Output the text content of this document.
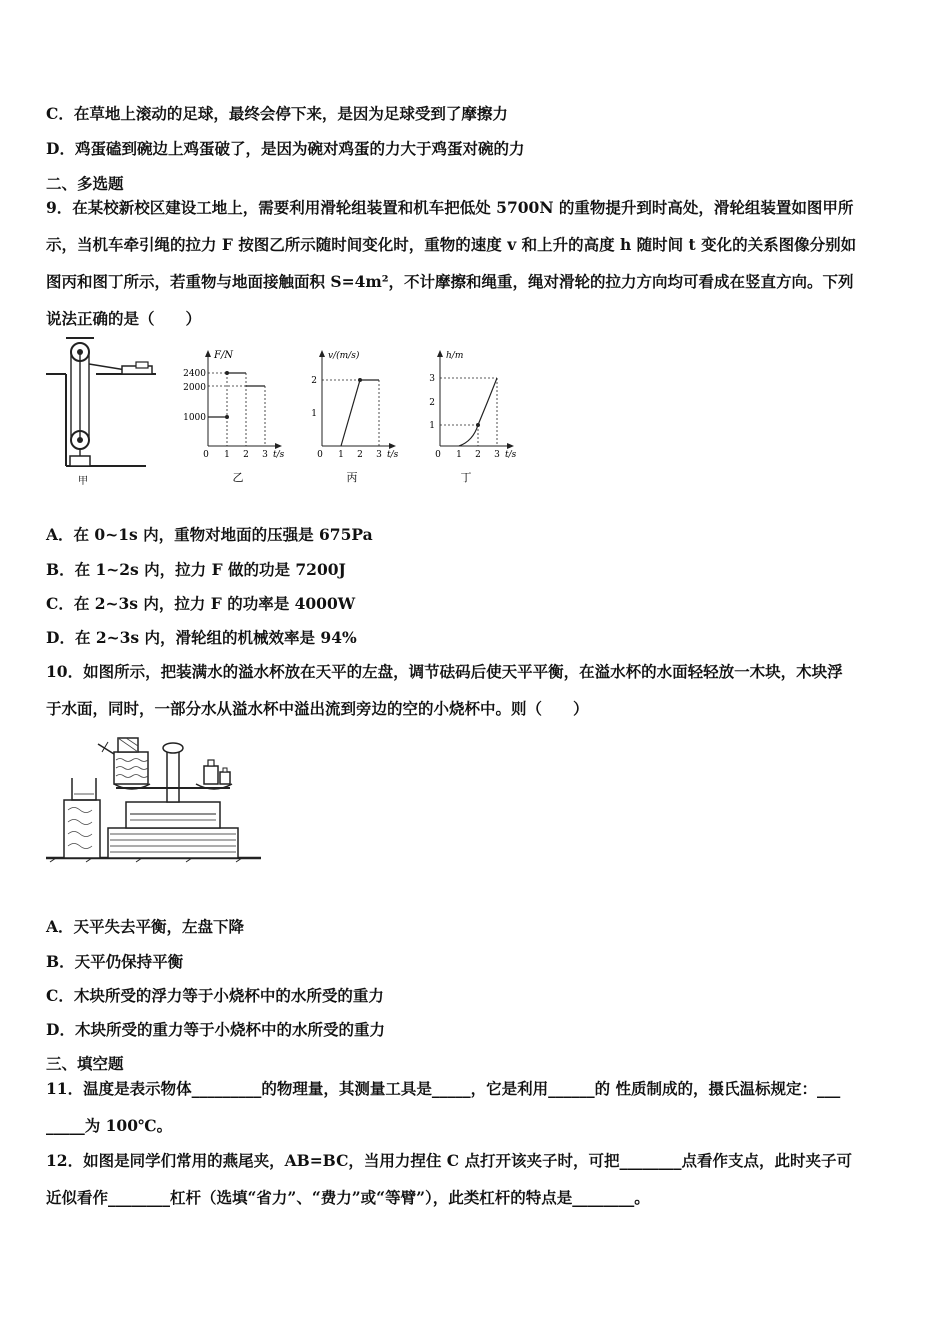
C．在草地上滚动的足球，最终会停下来，是因为足球受到了摩擦力
D．鸡蛋磕到碗边上鸡蛋破了，是因为碗对鸡蛋的力大于鸡蛋对碗的力
二、多选题
9．在某校新校区建设工地上，需要利用滑轮组装置和机车把低处 5700N 的重物提升到时高处，滑轮组装置如图甲所
示，当机车牵引绳的拉力 F 按图乙所示随时间变化时，重物的速度 v 和上升的高度 h 随时间 t 变化的关系图像分别如
图丙和图丁所示，若重物与地面接触面积 S=4m²，不计摩擦和绳重，绳对滑轮的拉力方向均可看成在竖直方向。下列
说法正确的是（　　）
甲
F/N
t/s
2400
2000
1000
0 1 2 3
乙
v/(m/s)
t/s
2
1
0 1 2 3
丙
h/m
t/s
3
2
1
0 1 2 3
丁
A．在 0~1s 内，重物对地面的压强是 675Pa
B．在 1~2s 内，拉力 F 做的功是 7200J
C．在 2~3s 内，拉力 F 的功率是 4000W
D．在 2~3s 内，滑轮组的机械效率是 94%
10．如图所示，把装满水的溢水杯放在天平的左盘，调节砝码后使天平平衡，在溢水杯的水面轻轻放一木块，木块浮
于水面，同时，一部分水从溢水杯中溢出流到旁边的空的小烧杯中。则（　　）
A．天平失去平衡，左盘下降
B．天平仍保持平衡
C．木块所受的浮力等于小烧杯中的水所受的重力
D．木块所受的重力等于小烧杯中的水所受的重力
三、填空题
11．温度是表示物体_________的物理量，其测量工具是_____，它是利用______的 性质制成的，摄氏温标规定：___
_____为 100℃。
12．如图是同学们常用的燕尾夹，AB=BC，当用力捏住 C 点打开该夹子时，可把________点看作支点，此时夹子可
近似看作________杠杆（选填“省力”、“费力”或“等臂”），此类杠杆的特点是________。
